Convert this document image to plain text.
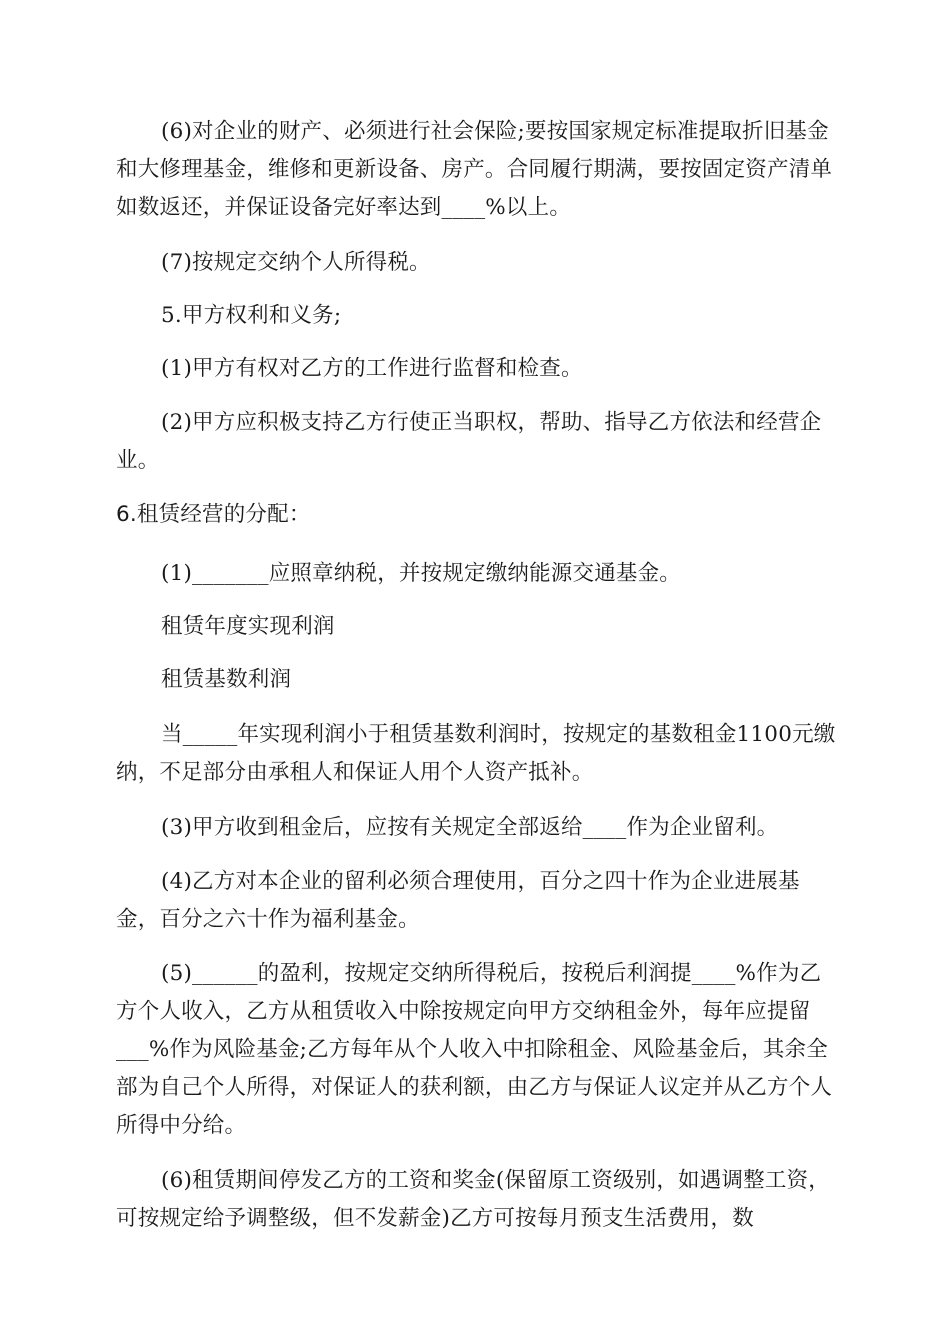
(6)对企业的财产、必须进行社会保险;要按国家规定标准提取折旧基金和大修理基金，维修和更新设备、房产。合同履行期满，要按固定资产清单如数返还，并保证设备完好率达到____%以上。

(7)按规定交纳个人所得税。

5.甲方权利和义务;

(1)甲方有权对乙方的工作进行监督和检查。

(2)甲方应积极支持乙方行使正当职权，帮助、指导乙方依法和经营企业。

6.租赁经营的分配：

(1)_______应照章纳税，并按规定缴纳能源交通基金。

租赁年度实现利润

租赁基数利润

当_____年实现利润小于租赁基数利润时，按规定的基数租金1100元缴纳，不足部分由承租人和保证人用个人资产抵补。

(3)甲方收到租金后，应按有关规定全部返给____作为企业留利。

(4)乙方对本企业的留利必须合理使用，百分之四十作为企业进展基金，百分之六十作为福利基金。

(5)______的盈利，按规定交纳所得税后，按税后利润提____%作为乙方个人收入，乙方从租赁收入中除按规定向甲方交纳租金外，每年应提留___%作为风险基金;乙方每年从个人收入中扣除租金、风险基金后，其余全部为自己个人所得，对保证人的获利额，由乙方与保证人议定并从乙方个人所得中分给。

(6)租赁期间停发乙方的工资和奖金(保留原工资级别，如遇调整工资，可按规定给予调整级，但不发薪金)乙方可按每月预支生活费用，数
